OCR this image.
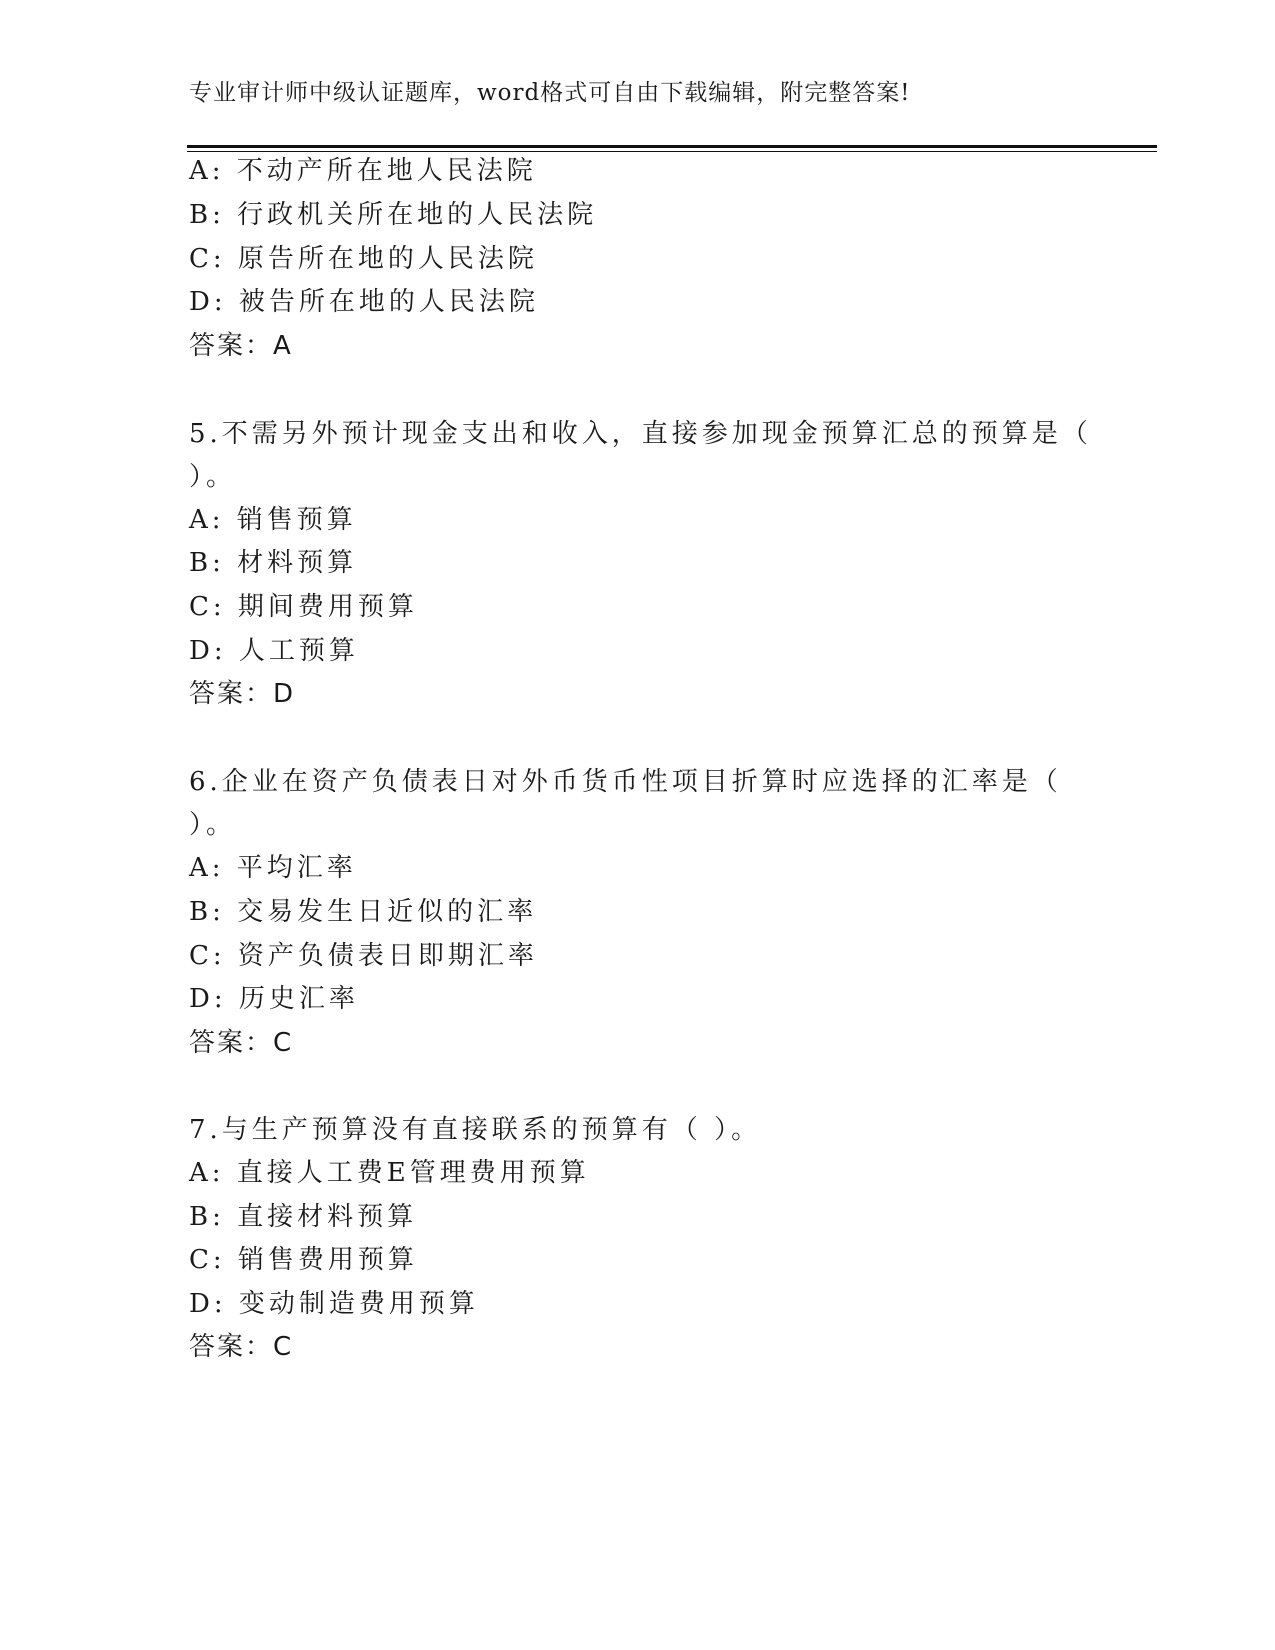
专业审计师中级认证题库，word格式可自由下载编辑，附完整答案!
A: 不动产所在地人民法院
B: 行政机关所在地的人民法院
C: 原告所在地的人民法院
D: 被告所在地的人民法院
答案：A
5.不需另外预计现金支出和收入，直接参加现金预算汇总的预算是（
）。
A: 销售预算
B: 材料预算
C: 期间费用预算
D: 人工预算
答案：D
6.企业在资产负债表日对外币货币性项目折算时应选择的汇率是（
）。
A: 平均汇率
B: 交易发生日近似的汇率
C: 资产负债表日即期汇率
D: 历史汇率
答案：C
7.与生产预算没有直接联系的预算有（ ）。
A: 直接人工费E管理费用预算
B: 直接材料预算
C: 销售费用预算
D: 变动制造费用预算
答案：C
